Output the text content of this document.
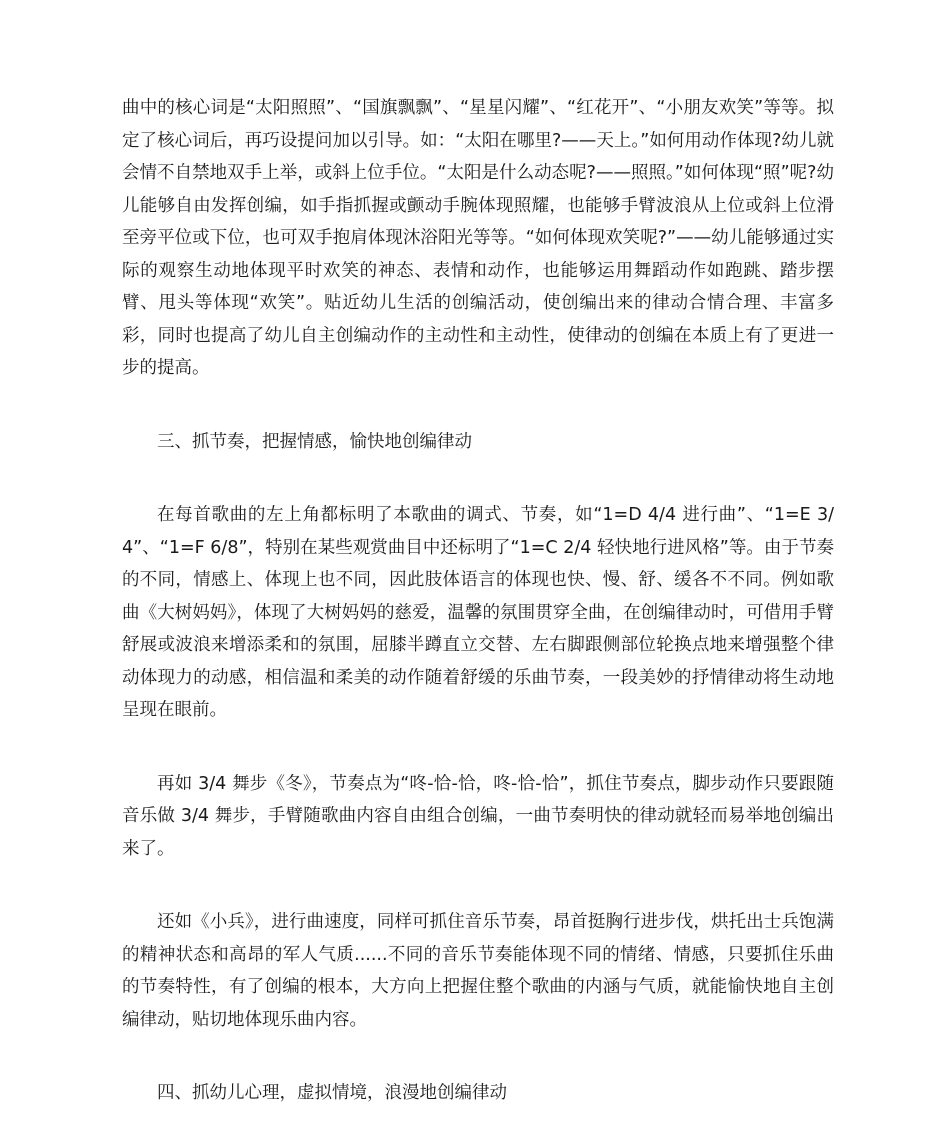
曲中的核心词是“太阳照照”、“国旗飘飘”、“星星闪耀”、“红花开”、“小朋友欢笑”等等。拟定了核心词后，再巧设提问加以引导。如：“太阳在哪里?——天上。”如何用动作体现?幼儿就会情不自禁地双手上举，或斜上位手位。“太阳是什么动态呢?——照照。”如何体现“照”呢?幼儿能够自由发挥创编，如手指抓握或颤动手腕体现照耀，也能够手臂波浪从上位或斜上位滑至旁平位或下位，也可双手抱肩体现沐浴阳光等等。“如何体现欢笑呢?”——幼儿能够通过实际的观察生动地体现平时欢笑的神态、表情和动作，也能够运用舞蹈动作如跑跳、踏步摆臂、甩头等体现“欢笑”。贴近幼儿生活的创编活动，使创编出来的律动合情合理、丰富多彩，同时也提高了幼儿自主创编动作的主动性和主动性，使律动的创编在本质上有了更进一步的提高。

三、抓节奏，把握情感，愉快地创编律动

在每首歌曲的左上角都标明了本歌曲的调式、节奏，如“1=D 4/4 进行曲”、“1=E 3/4”、“1=F 6/8”，特别在某些观赏曲目中还标明了“1=C 2/4 轻快地行进风格”等。由于节奏的不同，情感上、体现上也不同，因此肢体语言的体现也快、慢、舒、缓各不不同。例如歌曲《大树妈妈》，体现了大树妈妈的慈爱，温馨的氛围贯穿全曲，在创编律动时，可借用手臂舒展或波浪来增添柔和的氛围，屈膝半蹲直立交替、左右脚跟侧部位轮换点地来增强整个律动体现力的动感，相信温和柔美的动作随着舒缓的乐曲节奏，一段美妙的抒情律动将生动地呈现在眼前。

再如 3/4 舞步《冬》，节奏点为“咚-恰-恰，咚-恰-恰”，抓住节奏点，脚步动作只要跟随音乐做 3/4 舞步，手臂随歌曲内容自由组合创编，一曲节奏明快的律动就轻而易举地创编出来了。

还如《小兵》，进行曲速度，同样可抓住音乐节奏，昂首挺胸行进步伐，烘托出士兵饱满的精神状态和高昂的军人气质......不同的音乐节奏能体现不同的情绪、情感，只要抓住乐曲的节奏特性，有了创编的根本，大方向上把握住整个歌曲的内涵与气质，就能愉快地自主创编律动，贴切地体现乐曲内容。

四、抓幼儿心理，虚拟情境，浪漫地创编律动
